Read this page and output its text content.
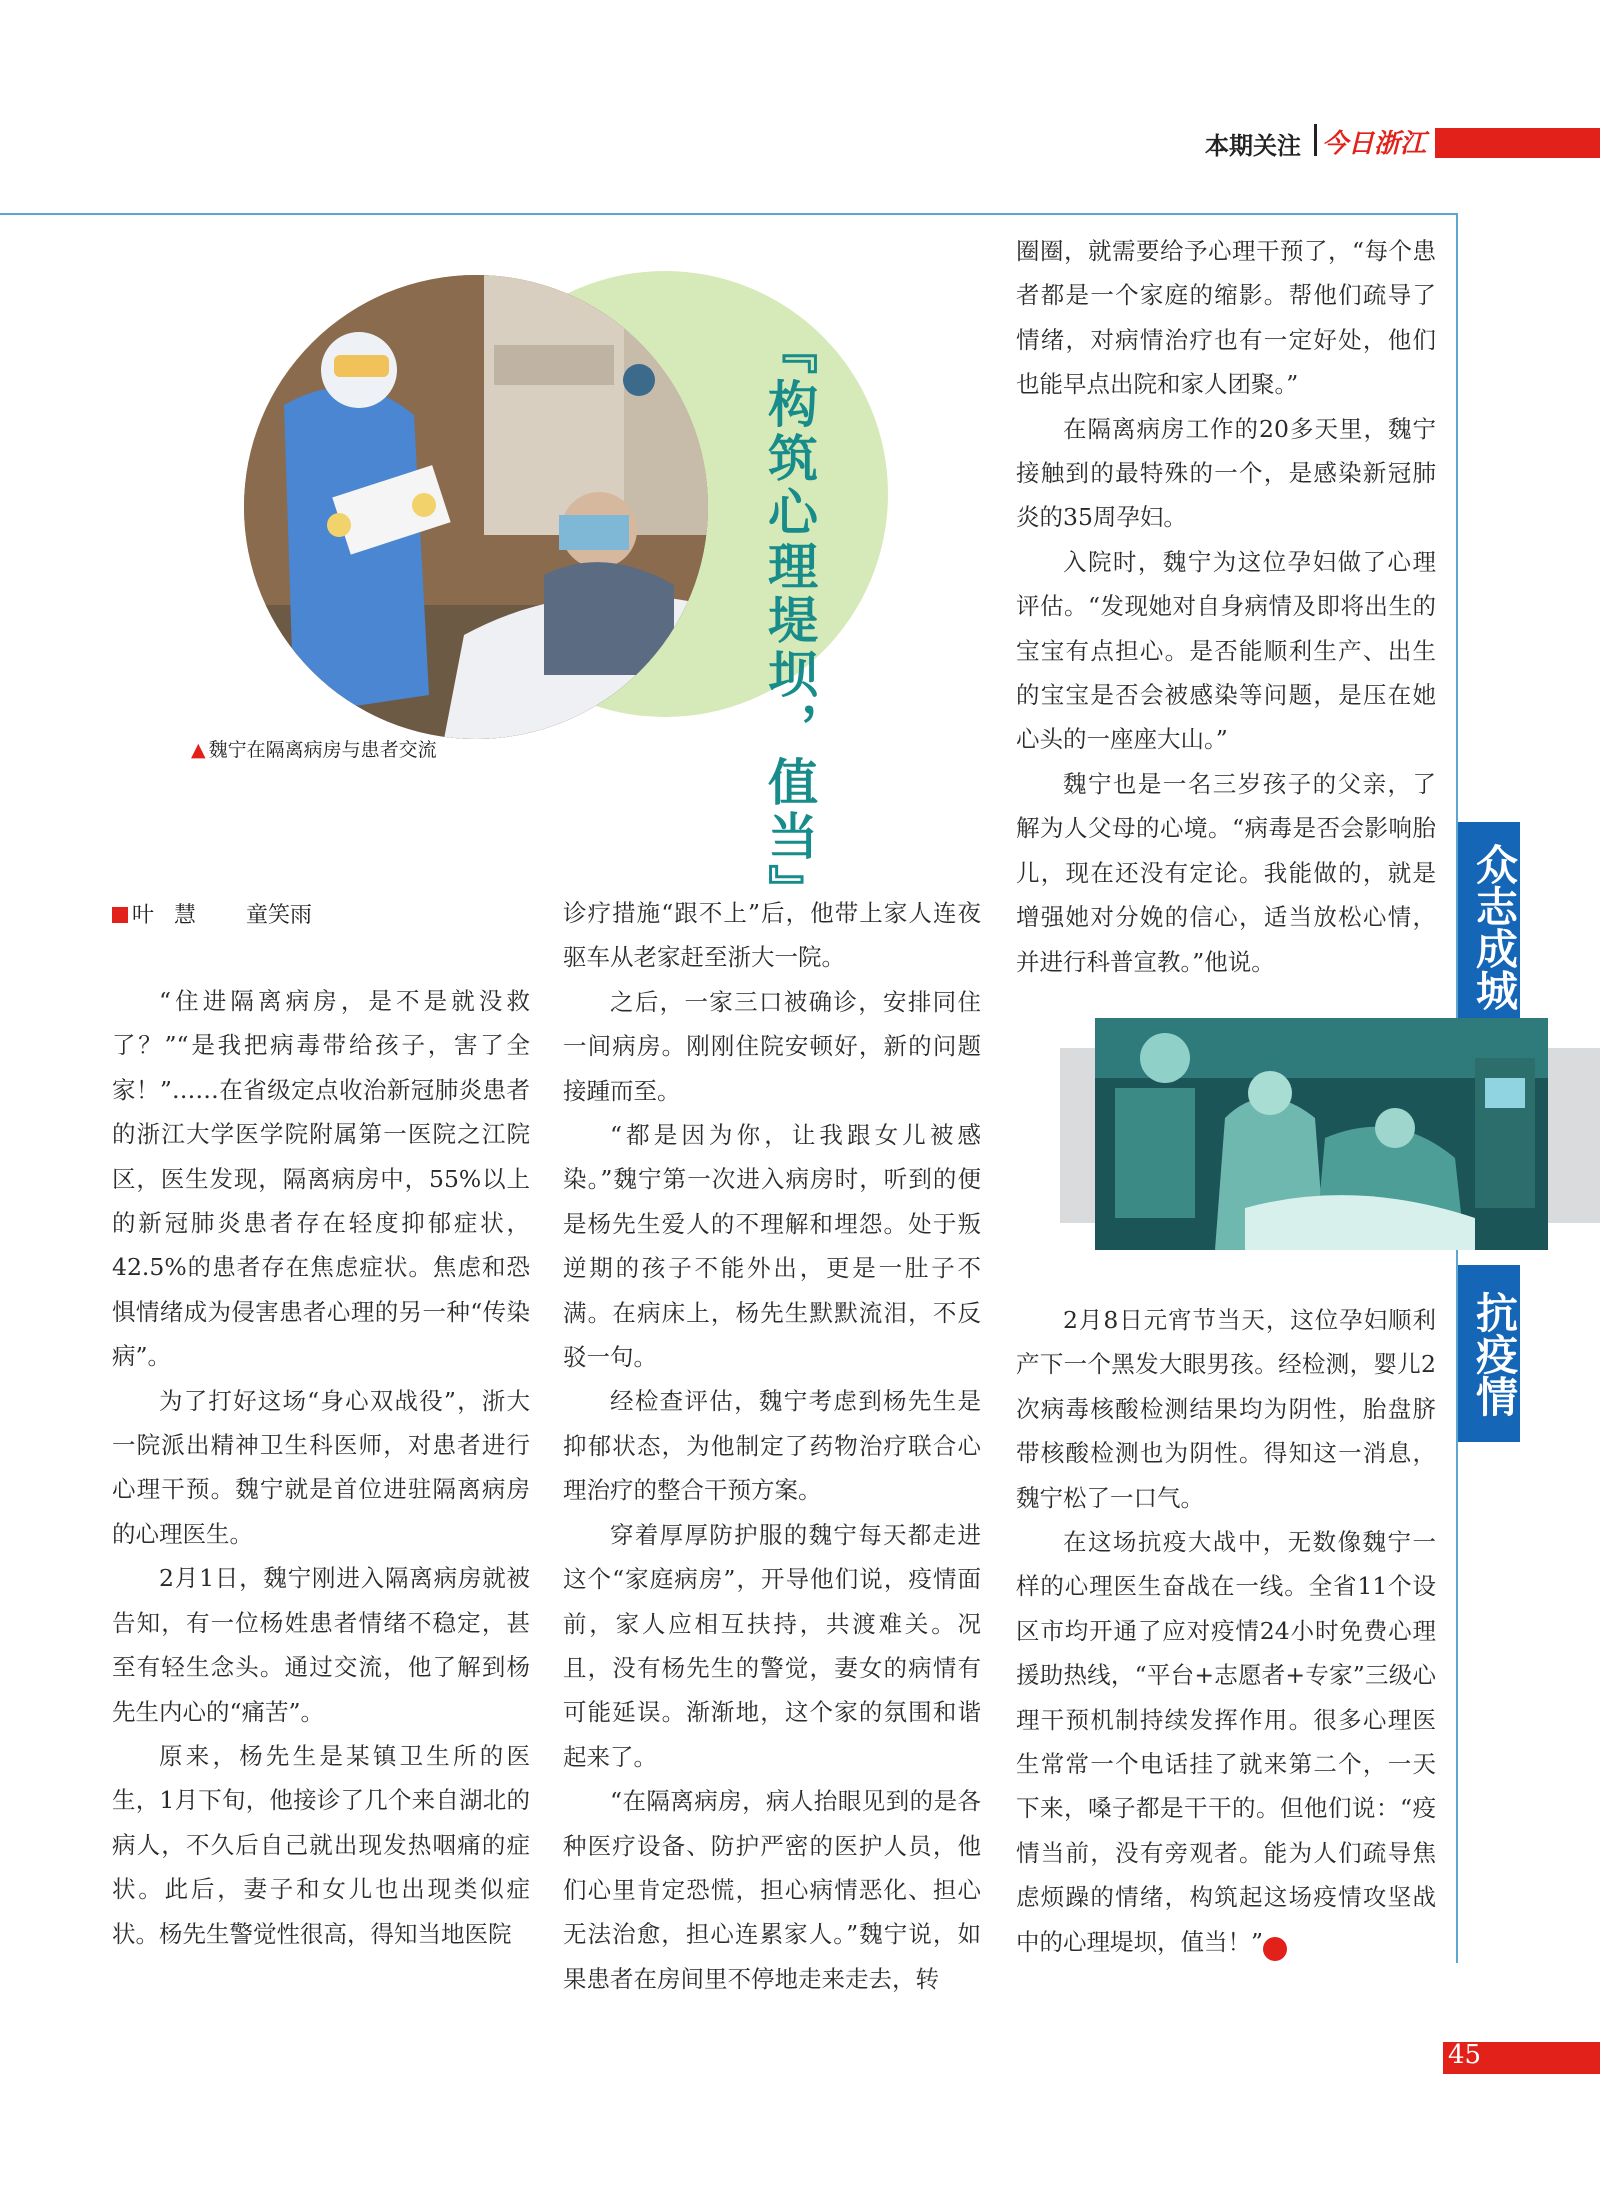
本期关注 今日浙江
『构筑心理堤坝，值当』
▲ 魏宁在隔离病房与患者交流
叶慧 童笑雨

“住进隔离病房，是不是就没救了？”“是我把病毒带给孩子，害了全家！”……在省级定点收治新冠肺炎患者的浙江大学医学院附属第一医院之江院区，医生发现，隔离病房中，55%以上的新冠肺炎患者存在轻度抑郁症状，42.5%的患者存在焦虑症状。焦虑和恐惧情绪成为侵害患者心理的另一种“传染病”。

为了打好这场“身心双战役”，浙大一院派出精神卫生科医师，对患者进行心理干预。魏宁就是首位进驻隔离病房的心理医生。

2月1日，魏宁刚进入隔离病房就被告知，有一位杨姓患者情绪不稳定，甚至有轻生念头。通过交流，他了解到杨先生内心的“痛苦”。

原来，杨先生是某镇卫生所的医生，1月下旬，他接诊了几个来自湖北的病人，不久后自己就出现发热咽痛的症状。此后，妻子和女儿也出现类似症状。杨先生警觉性很高，得知当地医院

诊疗措施“跟不上”后，他带上家人连夜驱车从老家赶至浙大一院。

之后，一家三口被确诊，安排同住一间病房。刚刚住院安顿好，新的问题接踵而至。

“都是因为你，让我跟女儿被感染。”魏宁第一次进入病房时，听到的便是杨先生爱人的不理解和埋怨。处于叛逆期的孩子不能外出，更是一肚子不满。在病床上，杨先生默默流泪，不反驳一句。

经检查评估，魏宁考虑到杨先生是抑郁状态，为他制定了药物治疗联合心理治疗的整合干预方案。

穿着厚厚防护服的魏宁每天都走进这个“家庭病房”，开导他们说，疫情面前，家人应相互扶持，共渡难关。况且，没有杨先生的警觉，妻女的病情有可能延误。渐渐地，这个家的氛围和谐起来了。

“在隔离病房，病人抬眼见到的是各种医疗设备、防护严密的医护人员，他们心里肯定恐慌，担心病情恶化、担心无法治愈，担心连累家人。”魏宁说，如果患者在房间里不停地走来走去，转

圈圈，就需要给予心理干预了，“每个患者都是一个家庭的缩影。帮他们疏导了情绪，对病情治疗也有一定好处，他们也能早点出院和家人团聚。”

在隔离病房工作的20多天里，魏宁接触到的最特殊的一个，是感染新冠肺炎的35周孕妇。

入院时，魏宁为这位孕妇做了心理评估。“发现她对自身病情及即将出生的宝宝有点担心。是否能顺利生产、出生的宝宝是否会被感染等问题，是压在她心头的一座座大山。”

魏宁也是一名三岁孩子的父亲，了解为人父母的心境。“病毒是否会影响胎儿，现在还没有定论。我能做的，就是增强她对分娩的信心，适当放松心情，并进行科普宣教。”他说。	众志成城
抗疫情

2月8日元宵节当天，这位孕妇顺利产下一个黑发大眼男孩。经检测，婴儿2次病毒核酸检测结果均为阴性，胎盘脐带核酸检测也为阴性。得知这一消息，魏宁松了一口气。

在这场抗疫大战中，无数像魏宁一样的心理医生奋战在一线。全省11个设区市均开通了应对疫情24小时免费心理援助热线，“平台+志愿者+专家”三级心理干预机制持续发挥作用。很多心理医生常常一个电话挂了就来第二个，一天下来，嗓子都是干干的。但他们说：“疫情当前，没有旁观者。能为人们疏导焦虑烦躁的情绪，构筑起这场疫情攻坚战中的心理堤坝，值当！”	今

45
